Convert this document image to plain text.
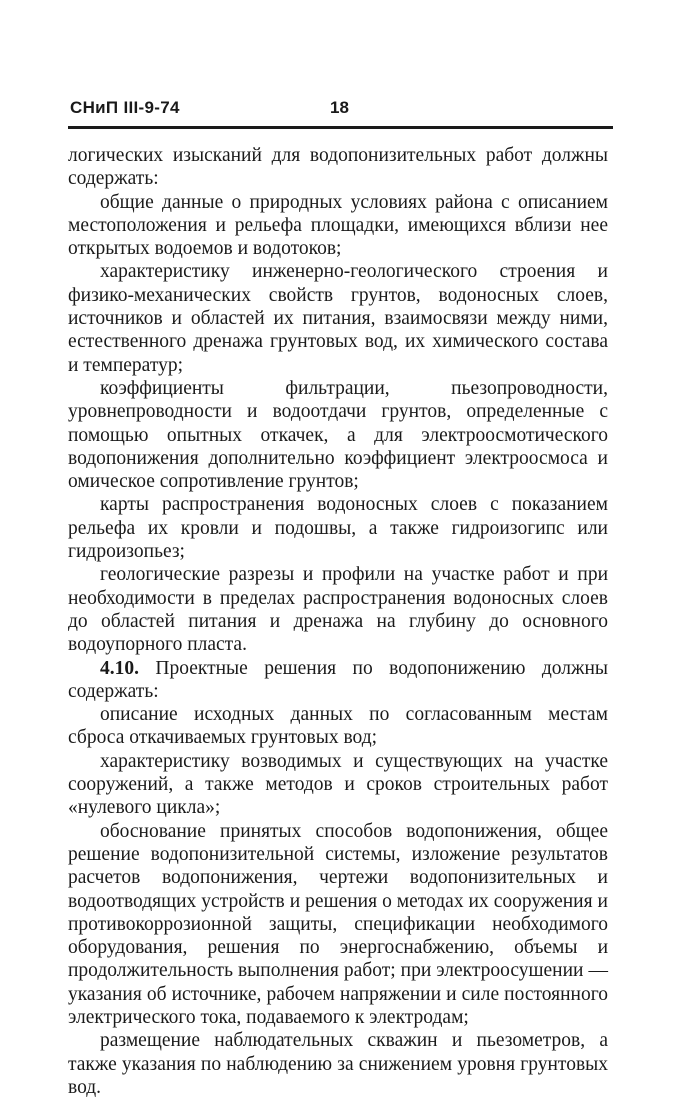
СНиП III-9-74	18

логических изысканий для водопонизительных работ должны содержать:

общие данные о природных условиях района с описанием местоположения и рельефа площадки, имеющихся вблизи нее открытых водоемов и водотоков;

характеристику инженерно-геологического строения и физико-механических свойств грунтов, водоносных слоев, источников и областей их питания, взаимосвязи между ними, естественного дренажа грунтовых вод, их химического состава и температур;

коэффициенты фильтрации, пьезопроводности, уровнепроводности и водоотдачи грунтов, определенные с помощью опытных откачек, а для электроосмотического водопонижения дополнительно коэффициент электроосмоса и омическое сопротивление грунтов;

карты распространения водоносных слоев с показанием рельефа их кровли и подошвы, а также гидроизогипс или гидроизопьез;

геологические разрезы и профили на участке работ и при необходимости в пределах распространения водоносных слоев до областей питания и дренажа на глубину до основного водоупорного пласта.

4.10. Проектные решения по водопонижению должны содержать:

описание исходных данных по согласованным местам сброса откачиваемых грунтовых вод;

характеристику возводимых и существующих на участке сооружений, а также методов и сроков строительных работ «нулевого цикла»;

обоснование принятых способов водопонижения, общее решение водопонизительной системы, изложение результатов расчетов водопонижения, чертежи водопонизительных и водоотводящих устройств и решения о методах их сооружения и противокоррозионной защиты, спецификации необходимого оборудования, решения по энергоснабжению, объемы и продолжительность выполнения работ; при электроосушении — указания об источнике, рабочем напряжении и силе постоянного электрического тока, подаваемого к электродам;

размещение наблюдательных скважин и пьезометров, а также указания по наблюдению за снижением уровня грунтовых вод.
